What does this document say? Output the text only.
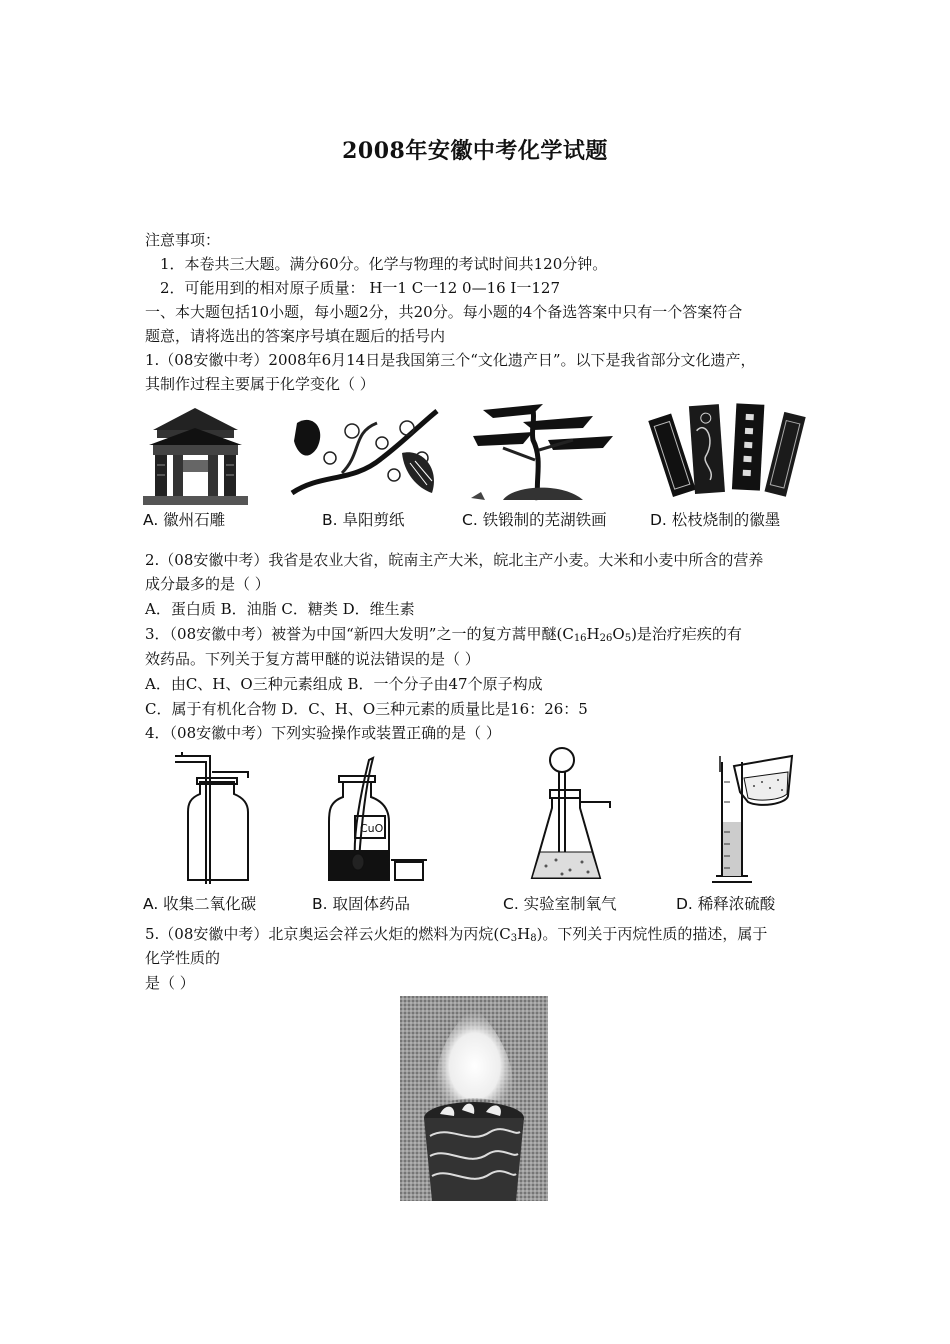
2008年安徽中考化学试题
注意事项：
1．本卷共三大题。满分60分。化学与物理的考试时间共120分钟。
2．可能用到的相对原子质量： H一1 C一12 0—16 I一127
一、本大题包括10小题，每小题2分，共20分。每小题的4个备选答案中只有一个答案符合
题意，请将选出的答案序号填在题后的括号内
1.（08安徽中考）2008年6月14日是我国第三个“文化遗产日”。以下是我省部分文化遗产，
其制作过程主要属于化学变化（ ）
A. 徽州石雕	B. 阜阳剪纸	C. 铁锻制的芜湖铁画	D. 松枝烧制的徽墨
2.（08安徽中考）我省是农业大省，皖南主产大米，皖北主产小麦。大米和小麦中所含的营养
成分最多的是（ ）
A．蛋白质 B．油脂 C．糖类 D．维生素
3．（08安徽中考）被誉为中国“新四大发明”之一的复方蒿甲醚$(C_{16}H_{26}O_5)$是治疗疟疾的有
效药品。下列关于复方蒿甲醚的说法错误的是（ ）
A．由C、H、O三种元素组成 B．一个分子由47个原子构成
C．属于有机化合物 D．C、H、O三种元素的质量比是16：26：5
4．（08安徽中考）下列实验操作或装置正确的是（ ）
A. 收集二氧化碳
CuO
B. 取固体药品	C. 实验室制氧气	D. 稀释浓硫酸
5.（08安徽中考）北京奥运会祥云火炬的燃料为丙烷$(C_3H_8)$。下列关于丙烷性质的描述，属于
化学性质的
是（ ）
